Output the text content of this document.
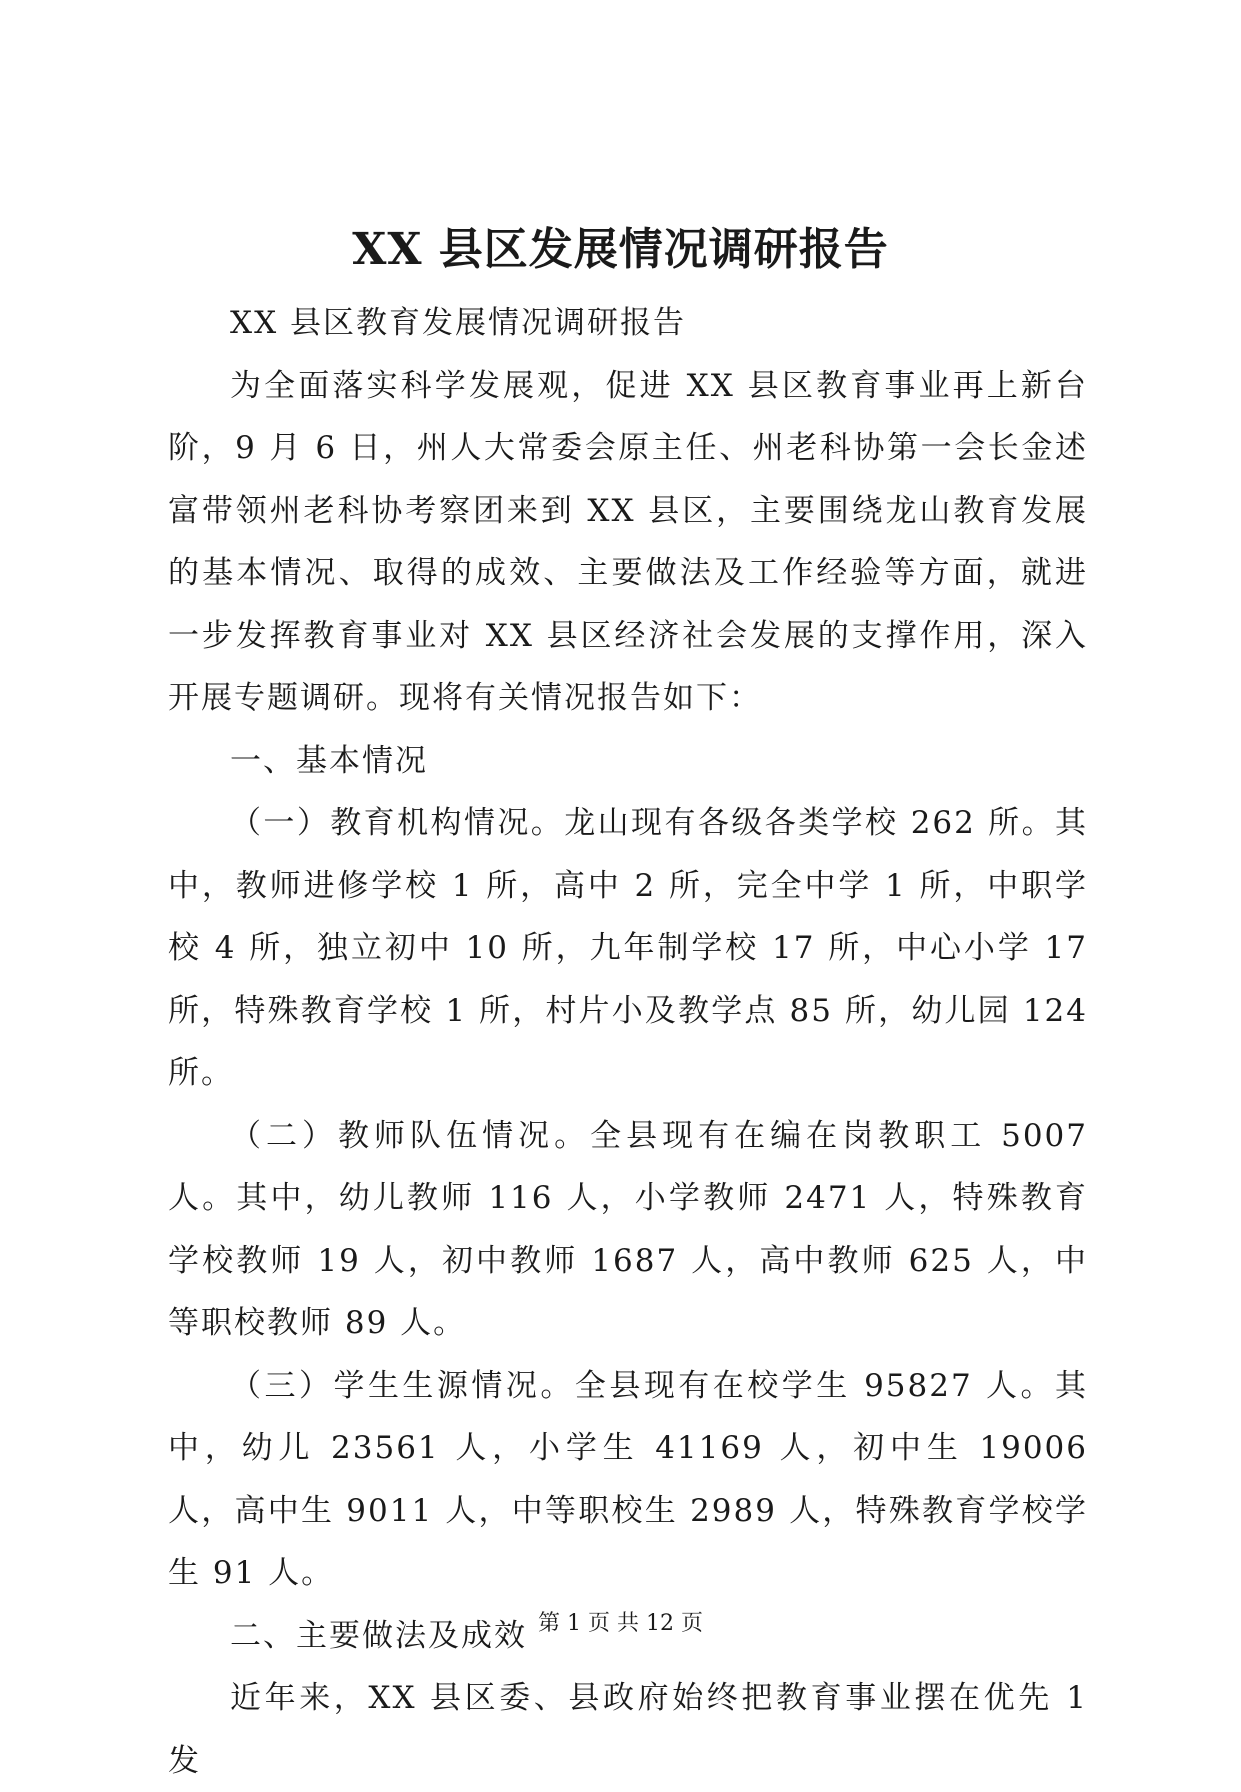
XX 县区发展情况调研报告

XX 县区教育发展情况调研报告

为全面落实科学发展观，促进 XX 县区教育事业再上新台阶，9 月 6 日，州人大常委会原主任、州老科协第一会长金述富带领州老科协考察团来到 XX 县区，主要围绕龙山教育发展的基本情况、取得的成效、主要做法及工作经验等方面，就进一步发挥教育事业对 XX 县区经济社会发展的支撑作用，深入开展专题调研。现将有关情况报告如下：

一、基本情况

（一）教育机构情况。龙山现有各级各类学校 262 所。其中，教师进修学校 1 所，高中 2 所，完全中学 1 所，中职学校 4 所，独立初中 10 所，九年制学校 17 所，中心小学 17 所，特殊教育学校 1 所，村片小及教学点 85 所，幼儿园 124 所。

（二）教师队伍情况。全县现有在编在岗教职工 5007 人。其中，幼儿教师 116 人，小学教师 2471 人，特殊教育学校教师 19 人，初中教师 1687 人，高中教师 625 人，中等职校教师 89 人。

（三）学生生源情况。全县现有在校学生 95827 人。其中，幼儿 23561 人，小学生 41169 人，初中生 19006 人，高中生 9011 人，中等职校生 2989 人，特殊教育学校学生 91 人。

二、主要做法及成效

近年来，XX 县区委、县政府始终把教育事业摆在优先 1 发

第 1 页 共 12 页
